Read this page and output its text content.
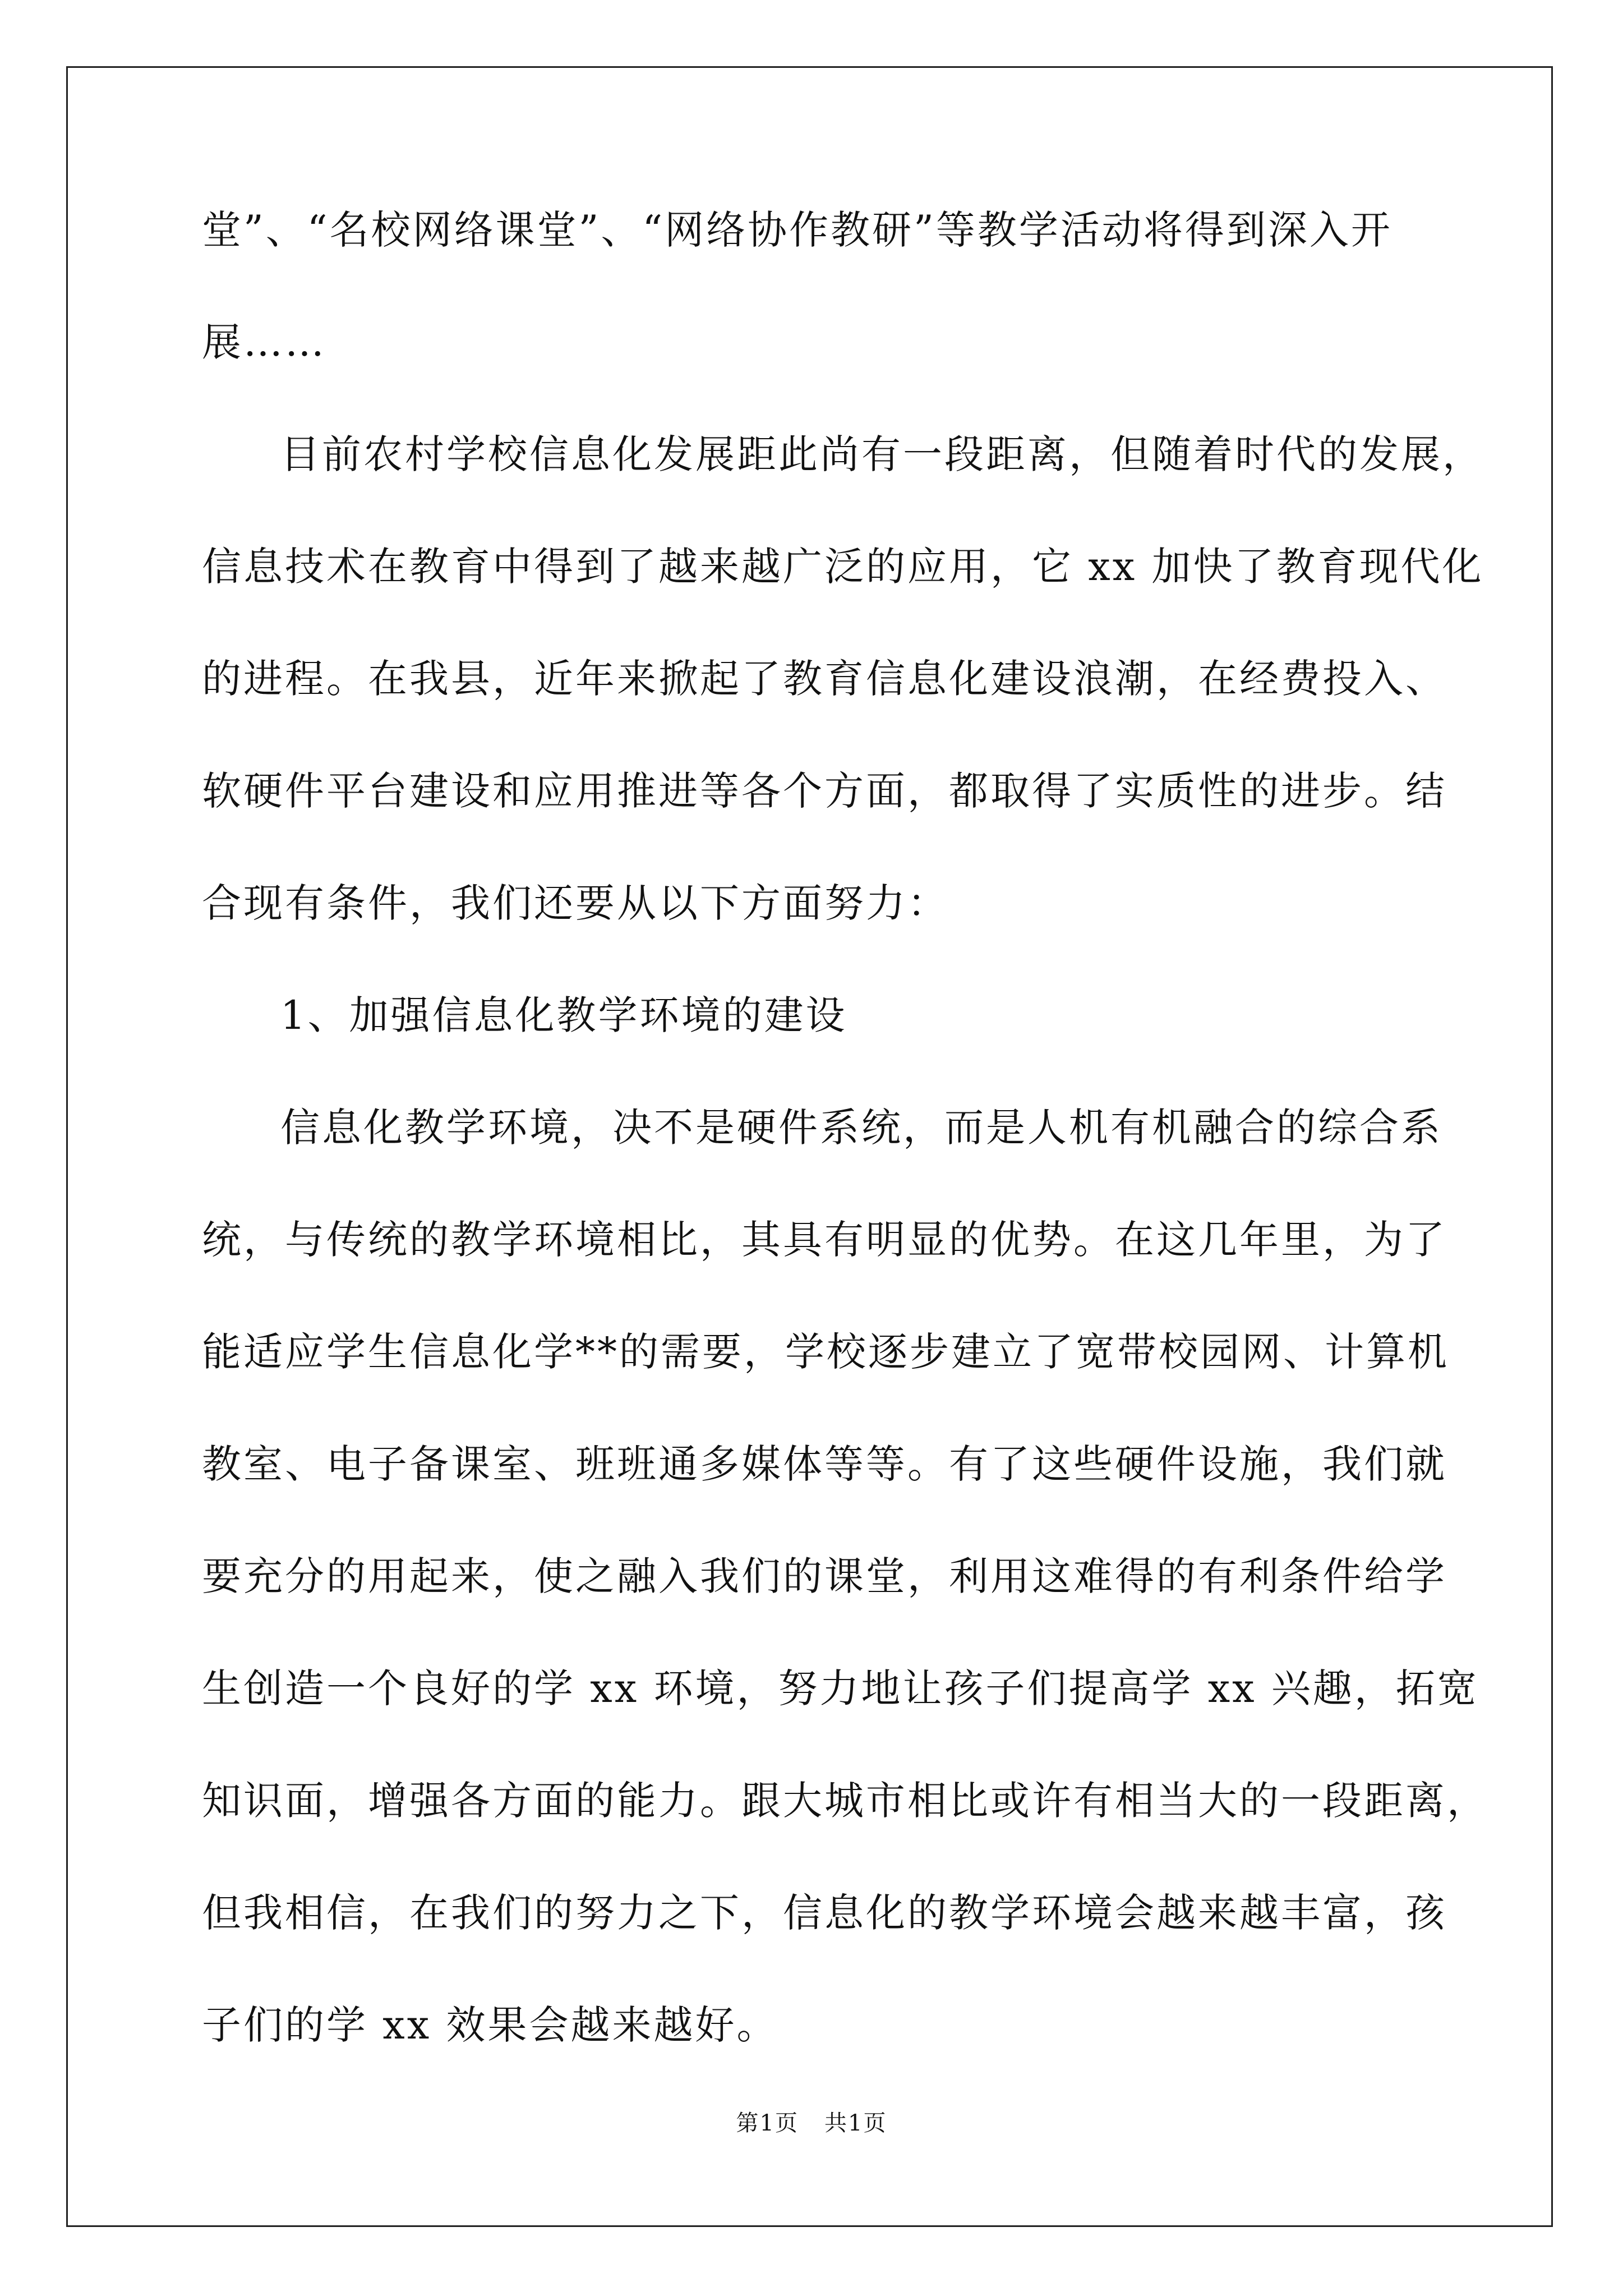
堂”、“名校网络课堂”、“网络协作教研”等教学活动将得到深入开

展……

目前农村学校信息化发展距此尚有一段距离，但随着时代的发展，

信息技术在教育中得到了越来越广泛的应用，它 xx 加快了教育现代化

的进程。在我县，近年来掀起了教育信息化建设浪潮，在经费投入、

软硬件平台建设和应用推进等各个方面，都取得了实质性的进步。结

合现有条件，我们还要从以下方面努力：

1、加强信息化教学环境的建设

信息化教学环境，决不是硬件系统，而是人机有机融合的综合系

统，与传统的教学环境相比，其具有明显的优势。在这几年里，为了

能适应学生信息化学**的需要，学校逐步建立了宽带校园网、计算机

教室、电子备课室、班班通多媒体等等。有了这些硬件设施，我们就

要充分的用起来，使之融入我们的课堂，利用这难得的有利条件给学

生创造一个良好的学 xx 环境，努力地让孩子们提高学 xx 兴趣，拓宽

知识面，增强各方面的能力。跟大城市相比或许有相当大的一段距离，

但我相信，在我们的努力之下，信息化的教学环境会越来越丰富，孩

子们的学 xx 效果会越来越好。

第1页 共1页
